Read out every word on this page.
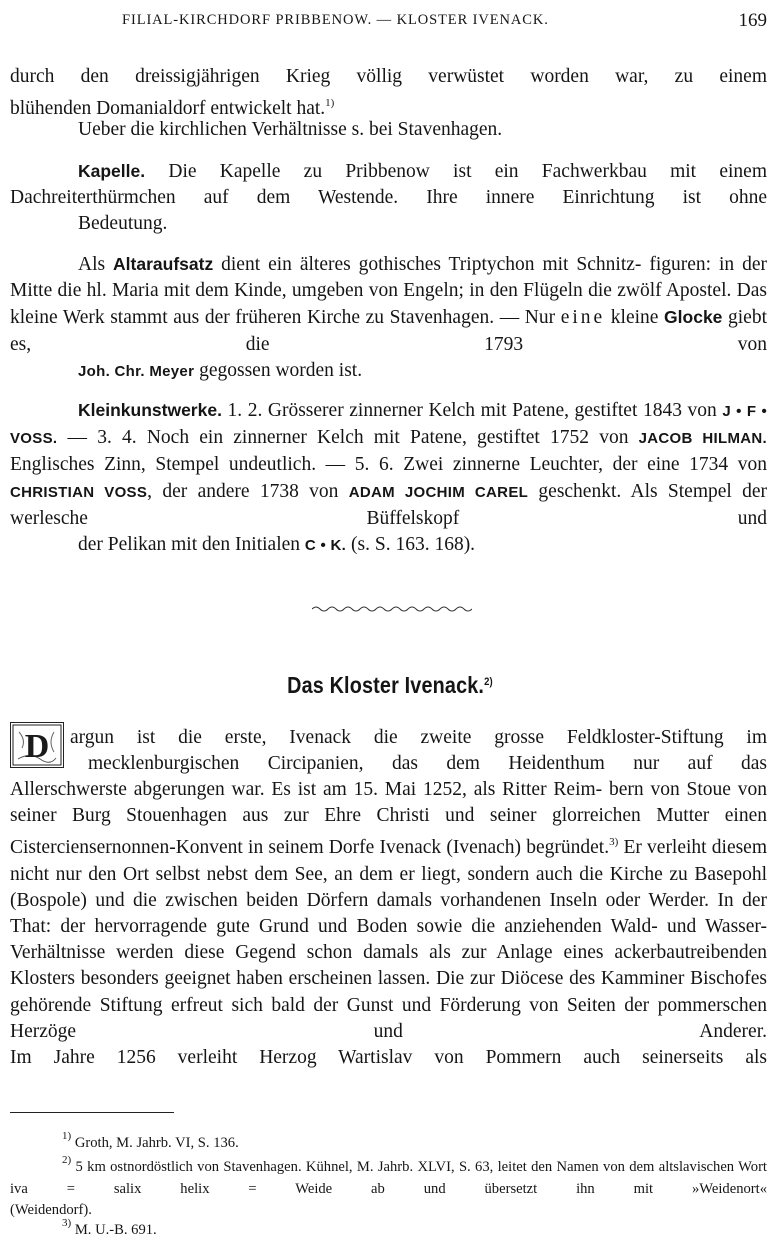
FILIAL-KIRCHDORF PRIBBENOW. — KLOSTER IVENACK.	169

durch den dreissigjährigen Krieg völlig verwüstet worden war, zu einem
blühenden Domanialdorf entwickelt hat.$^{1)}$

Ueber die kirchlichen Verhältnisse s. bei Stavenhagen.

Kapelle. Die Kapelle zu Pribbenow ist ein Fachwerkbau mit einem Dachreiterthürmchen auf dem Westende. Ihre innere Einrichtung ist ohne
Bedeutung.

Als Altaraufsatz dient ein älteres gothisches Triptychon mit Schnitz- figuren: in der Mitte die hl. Maria mit dem Kinde, umgeben von Engeln; in den Flügeln die zwölf Apostel. Das kleine Werk stammt aus der früheren Kirche zu Stavenhagen. — Nur eine kleine Glocke giebt es, die 1793 von
Joh. Chr. Meyer gegossen worden ist.

Kleinkunstwerke. 1. 2. Grösserer zinnerner Kelch mit Patene, gestiftet 1843 von J • F • VOSS. — 3. 4. Noch ein zinnerner Kelch mit Patene, gestiftet 1752 von JACOB HILMAN. Englisches Zinn, Stempel undeutlich. — 5. 6. Zwei zinnerne Leuchter, der eine 1734 von CHRISTIAN VOSS, der andere 1738 von ADAM JOCHIM CAREL geschenkt. Als Stempel der werlesche Büffelskopf und
der Pelikan mit den Initialen C • K. (s. S. 163. 168).

Das Kloster Ivenack.$^{2)}$
D argun ist die erste, Ivenack die zweite grosse Feldkloster-Stiftung im

mecklenburgischen Circipanien, das dem Heidenthum nur auf das

Allerschwerste abgerungen war. Es ist am 15. Mai 1252, als Ritter Reim- bern von Stoue von seiner Burg Stouenhagen aus zur Ehre Christi und seiner glorreichen Mutter einen Cisterciensernonnen-Konvent in seinem Dorfe Ivenack (Ivenach) begründet.$^{3)}$ Er verleiht diesem nicht nur den Ort selbst nebst dem See, an dem er liegt, sondern auch die Kirche zu Basepohl (Bospole) und die zwischen beiden Dörfern damals vorhandenen Inseln oder Werder. In der That: der hervorragende gute Grund und Boden sowie die anziehenden Wald- und Wasser-Verhältnisse werden diese Gegend schon damals als zur Anlage eines ackerbautreibenden Klosters besonders geeignet haben erscheinen lassen. Die zur Diöcese des Kamminer Bischofes gehörende Stiftung erfreut sich bald der Gunst und Förderung von Seiten der pommerschen Herzöge und Anderer.
Im Jahre 1256 verleiht Herzog Wartislav von Pommern auch seinerseits als

$^{1)}$ Groth, M. Jahrb. VI, S. 136.

$^{2)}$ 5 km ostnordöstlich von Stavenhagen. Kühnel, M. Jahrb. XLVI, S. 63, leitet den Namen von dem altslavischen Wort iva = salix helix = Weide ab und übersetzt ihn mit »Weidenort«
(Weidendorf).

$^{3)}$ M. U.-B. 691.
